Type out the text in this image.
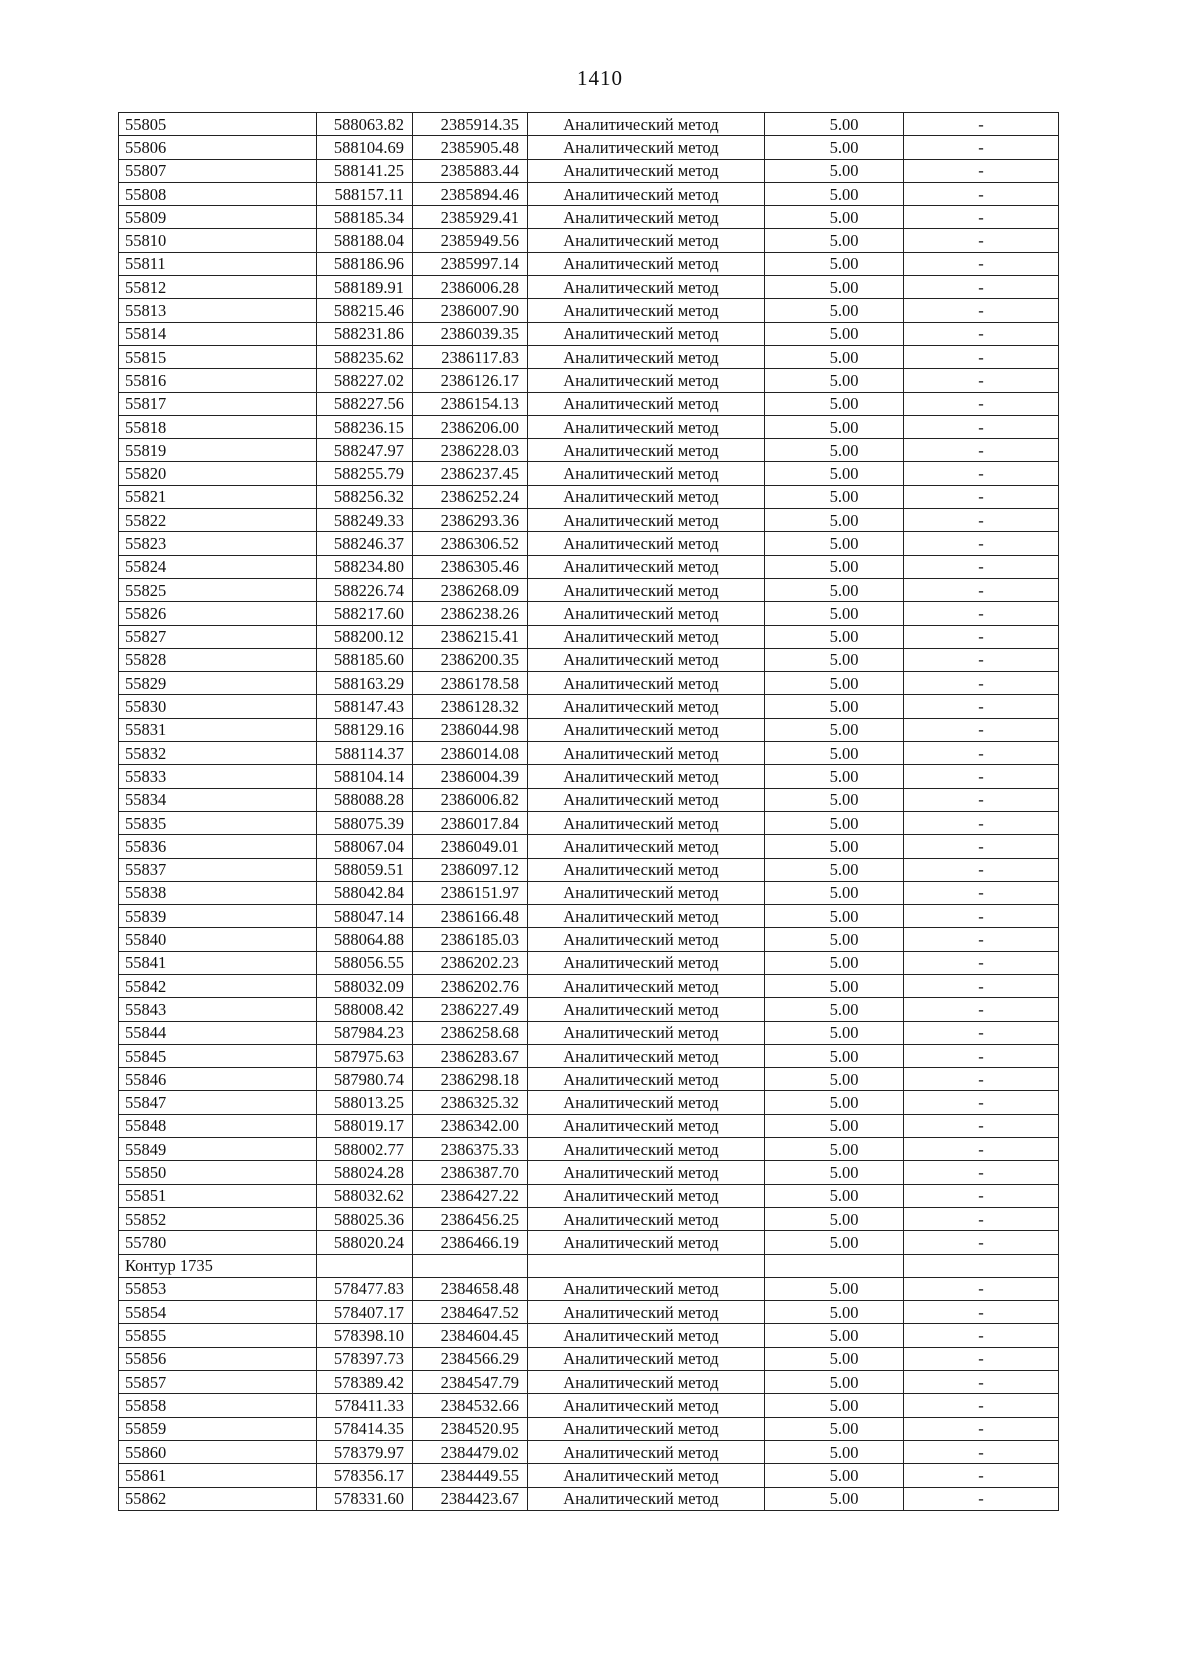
1410
55805	588063.82	2385914.35	Аналитический метод	5.00	-
55806	588104.69	2385905.48	Аналитический метод	5.00	-
55807	588141.25	2385883.44	Аналитический метод	5.00	-
55808	588157.11	2385894.46	Аналитический метод	5.00	-
55809	588185.34	2385929.41	Аналитический метод	5.00	-
55810	588188.04	2385949.56	Аналитический метод	5.00	-
55811	588186.96	2385997.14	Аналитический метод	5.00	-
55812	588189.91	2386006.28	Аналитический метод	5.00	-
55813	588215.46	2386007.90	Аналитический метод	5.00	-
55814	588231.86	2386039.35	Аналитический метод	5.00	-
55815	588235.62	2386117.83	Аналитический метод	5.00	-
55816	588227.02	2386126.17	Аналитический метод	5.00	-
55817	588227.56	2386154.13	Аналитический метод	5.00	-
55818	588236.15	2386206.00	Аналитический метод	5.00	-
55819	588247.97	2386228.03	Аналитический метод	5.00	-
55820	588255.79	2386237.45	Аналитический метод	5.00	-
55821	588256.32	2386252.24	Аналитический метод	5.00	-
55822	588249.33	2386293.36	Аналитический метод	5.00	-
55823	588246.37	2386306.52	Аналитический метод	5.00	-
55824	588234.80	2386305.46	Аналитический метод	5.00	-
55825	588226.74	2386268.09	Аналитический метод	5.00	-
55826	588217.60	2386238.26	Аналитический метод	5.00	-
55827	588200.12	2386215.41	Аналитический метод	5.00	-
55828	588185.60	2386200.35	Аналитический метод	5.00	-
55829	588163.29	2386178.58	Аналитический метод	5.00	-
55830	588147.43	2386128.32	Аналитический метод	5.00	-
55831	588129.16	2386044.98	Аналитический метод	5.00	-
55832	588114.37	2386014.08	Аналитический метод	5.00	-
55833	588104.14	2386004.39	Аналитический метод	5.00	-
55834	588088.28	2386006.82	Аналитический метод	5.00	-
55835	588075.39	2386017.84	Аналитический метод	5.00	-
55836	588067.04	2386049.01	Аналитический метод	5.00	-
55837	588059.51	2386097.12	Аналитический метод	5.00	-
55838	588042.84	2386151.97	Аналитический метод	5.00	-
55839	588047.14	2386166.48	Аналитический метод	5.00	-
55840	588064.88	2386185.03	Аналитический метод	5.00	-
55841	588056.55	2386202.23	Аналитический метод	5.00	-
55842	588032.09	2386202.76	Аналитический метод	5.00	-
55843	588008.42	2386227.49	Аналитический метод	5.00	-
55844	587984.23	2386258.68	Аналитический метод	5.00	-
55845	587975.63	2386283.67	Аналитический метод	5.00	-
55846	587980.74	2386298.18	Аналитический метод	5.00	-
55847	588013.25	2386325.32	Аналитический метод	5.00	-
55848	588019.17	2386342.00	Аналитический метод	5.00	-
55849	588002.77	2386375.33	Аналитический метод	5.00	-
55850	588024.28	2386387.70	Аналитический метод	5.00	-
55851	588032.62	2386427.22	Аналитический метод	5.00	-
55852	588025.36	2386456.25	Аналитический метод	5.00	-
55780	588020.24	2386466.19	Аналитический метод	5.00	-
Контур 1735					
55853	578477.83	2384658.48	Аналитический метод	5.00	-
55854	578407.17	2384647.52	Аналитический метод	5.00	-
55855	578398.10	2384604.45	Аналитический метод	5.00	-
55856	578397.73	2384566.29	Аналитический метод	5.00	-
55857	578389.42	2384547.79	Аналитический метод	5.00	-
55858	578411.33	2384532.66	Аналитический метод	5.00	-
55859	578414.35	2384520.95	Аналитический метод	5.00	-
55860	578379.97	2384479.02	Аналитический метод	5.00	-
55861	578356.17	2384449.55	Аналитический метод	5.00	-
55862	578331.60	2384423.67	Аналитический метод	5.00	-
